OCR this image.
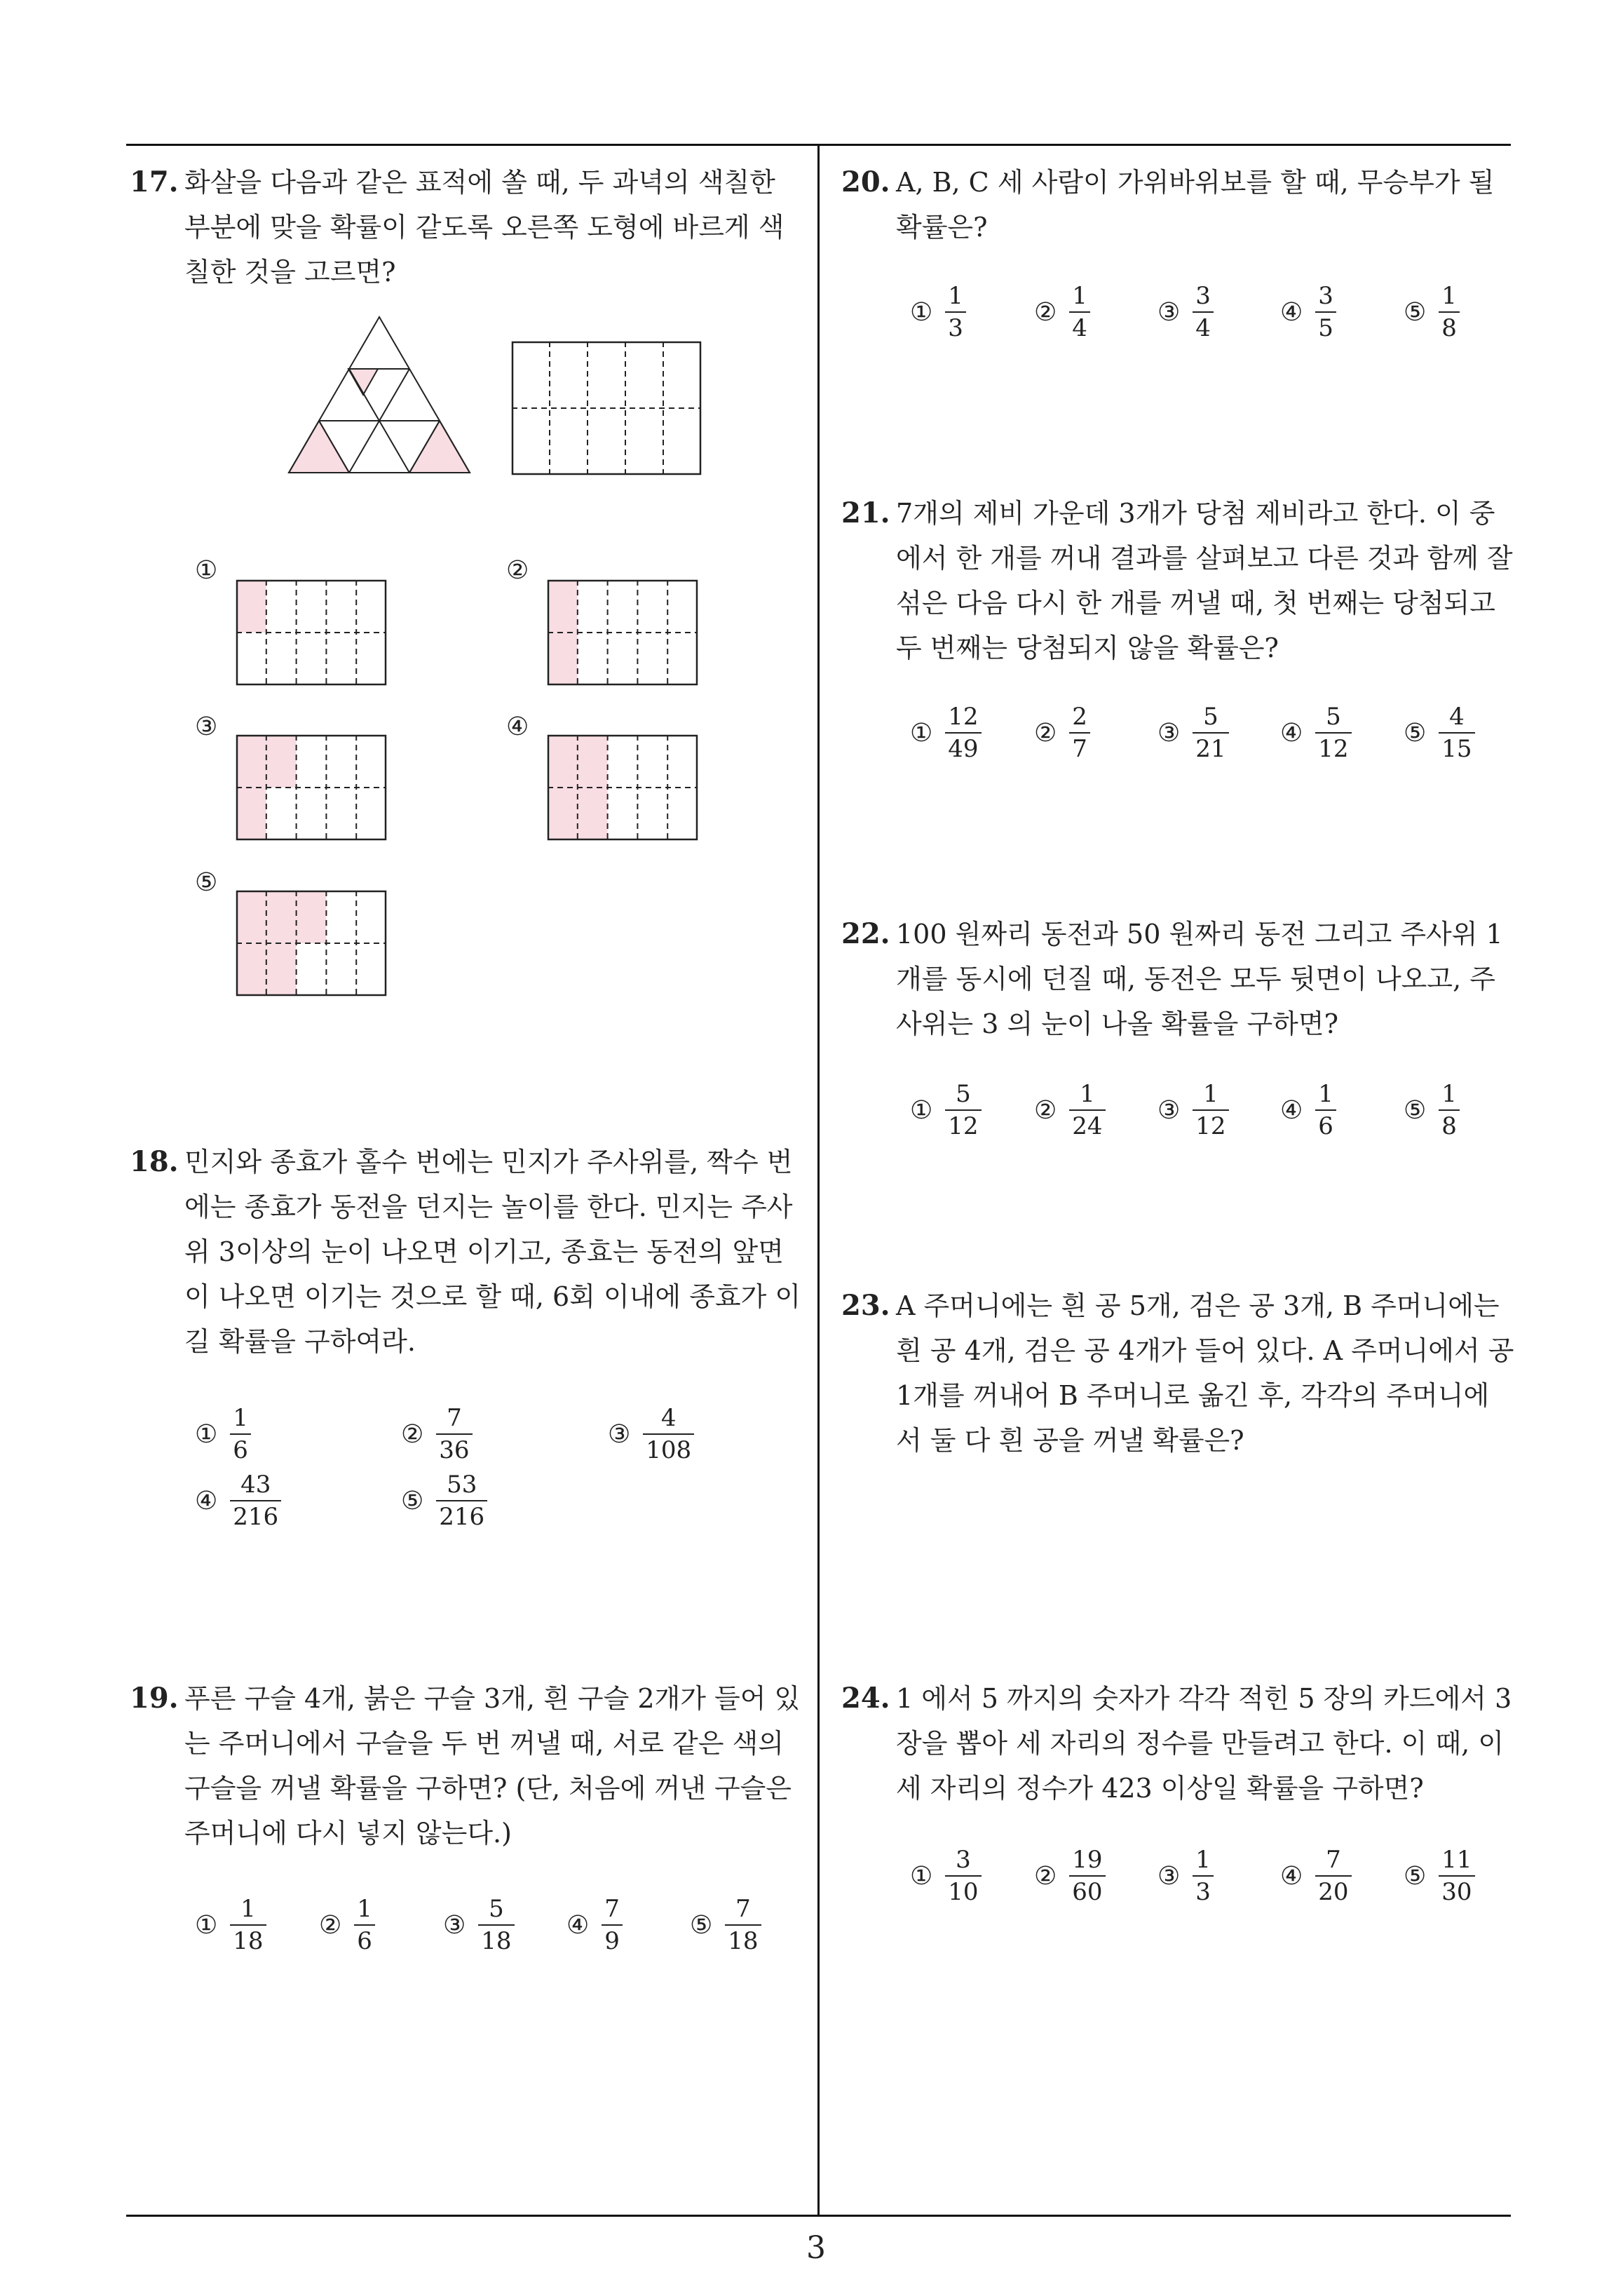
3
17. 화살을 다음과 같은 표적에 쏠 때, 두 과녁의 색칠한 부분에 맞을 확률이 같도록 오른쪽 도형에 바르게 색칠한 것을 고르면?
①	②
③	④
⑤
18. 민지와 종효가 홀수 번에는 민지가 주사위를, 짝수 번에는 종효가 동전을 던지는 놀이를 한다. 민지는 주사위 3이상의 눈이 나오면 이기고, 종효는 동전의 앞면이 나오면 이기는 것으로 할 때, 6회 이내에 종효가 이길 확률을 구하여라.
① $\frac{1}{6}$	② $\frac{7}{36}$	③ $\frac{4}{108}$
④ $\frac{43}{216}$	⑤ $\frac{53}{216}$
19. 푸른 구슬 4개, 붉은 구슬 3개, 흰 구슬 2개가 들어 있는 주머니에서 구슬을 두 번 꺼낼 때, 서로 같은 색의 구슬을 꺼낼 확률을 구하면? (단, 처음에 꺼낸 구슬은 주머니에 다시 넣지 않는다.)
① $\frac{1}{18}$ ② $\frac{1}{6}$	③ $\frac{5}{18}$ ④ $\frac{7}{9}$	⑤ $\frac{7}{18}$
20. A, B, C 세 사람이 가위바위보를 할 때, 무승부가 될 확률은?
① $\frac{1}{3}$	② $\frac{1}{4}$	③ $\frac{3}{4}$	④ $\frac{3}{5}$	⑤ $\frac{1}{8}$
21. 7개의 제비 가운데 3개가 당첨 제비라고 한다. 이 중에서 한 개를 꺼내 결과를 살펴보고 다른 것과 함께 잘 섞은 다음 다시 한 개를 꺼낼 때, 첫 번째는 당첨되고 두 번째는 당첨되지 않을 확률은?
① $\frac{12}{49}$ ② $\frac{2}{7}$	③ $\frac{5}{21}$ ④ $\frac{5}{12}$ ⑤ $\frac{4}{15}$
22. 100 원짜리 동전과 50 원짜리 동전 그리고 주사위 1 개를 동시에 던질 때, 동전은 모두 뒷면이 나오고, 주사위는 3 의 눈이 나올 확률을 구하면?
① $\frac{5}{12}$ ② $\frac{1}{24}$ ③ $\frac{1}{12}$ ④ $\frac{1}{6}$	⑤ $\frac{1}{8}$
23. A 주머니에는 흰 공 5개, 검은 공 3개, B 주머니에는 흰 공 4개, 검은 공 4개가 들어 있다. A 주머니에서 공 1개를 꺼내어 B 주머니로 옮긴 후, 각각의 주머니에서 둘 다 흰 공을 꺼낼 확률은?
24. 1 에서 5 까지의 숫자가 각각 적힌 5 장의 카드에서 3 장을 뽑아 세 자리의 정수를 만들려고 한다. 이 때, 이 세 자리의 정수가 423 이상일 확률을 구하면?
① $\frac{3}{10}$ ② $\frac{19}{60}$ ③ $\frac{1}{3}$	④ $\frac{7}{20}$ ⑤ $\frac{11}{30}$
